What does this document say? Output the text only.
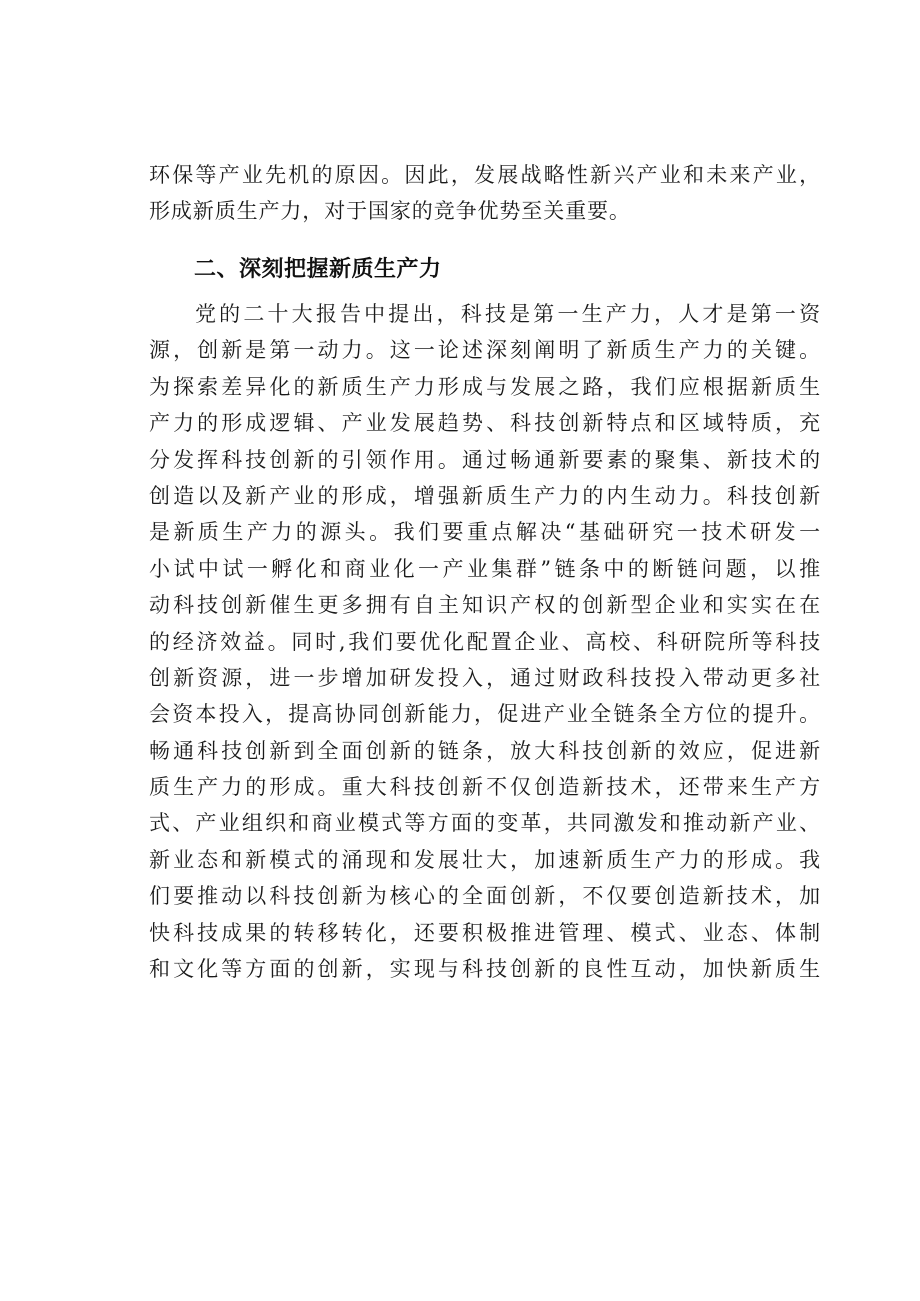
环保等产业先机的原因。因此，发展战略性新兴产业和未来产业，
形成新质生产力，对于国家的竞争优势至关重要。
二、深刻把握新质生产力
党的二十大报告中提出，科技是第一生产力，人才是第一资
源，创新是第一动力。这一论述深刻阐明了新质生产力的关键。
为探索差异化的新质生产力形成与发展之路，我们应根据新质生
产力的形成逻辑、产业发展趋势、科技创新特点和区域特质，充
分发挥科技创新的引领作用。通过畅通新要素的聚集、新技术的
创造以及新产业的形成，增强新质生产力的内生动力。科技创新
是新质生产力的源头。我们要重点解决“基础研究一技术研发一
小试中试一孵化和商业化一产业集群”链条中的断链问题，以推
动科技创新催生更多拥有自主知识产权的创新型企业和实实在在
的经济效益。同时,我们要优化配置企业、高校、科研院所等科技
创新资源，进一步增加研发投入，通过财政科技投入带动更多社
会资本投入，提高协同创新能力，促进产业全链条全方位的提升。
畅通科技创新到全面创新的链条，放大科技创新的效应，促进新
质生产力的形成。重大科技创新不仅创造新技术，还带来生产方
式、产业组织和商业模式等方面的变革，共同激发和推动新产业、
新业态和新模式的涌现和发展壮大，加速新质生产力的形成。我
们要推动以科技创新为核心的全面创新，不仅要创造新技术，加
快科技成果的转移转化，还要积极推进管理、模式、业态、体制
和文化等方面的创新，实现与科技创新的良性互动，加快新质生
